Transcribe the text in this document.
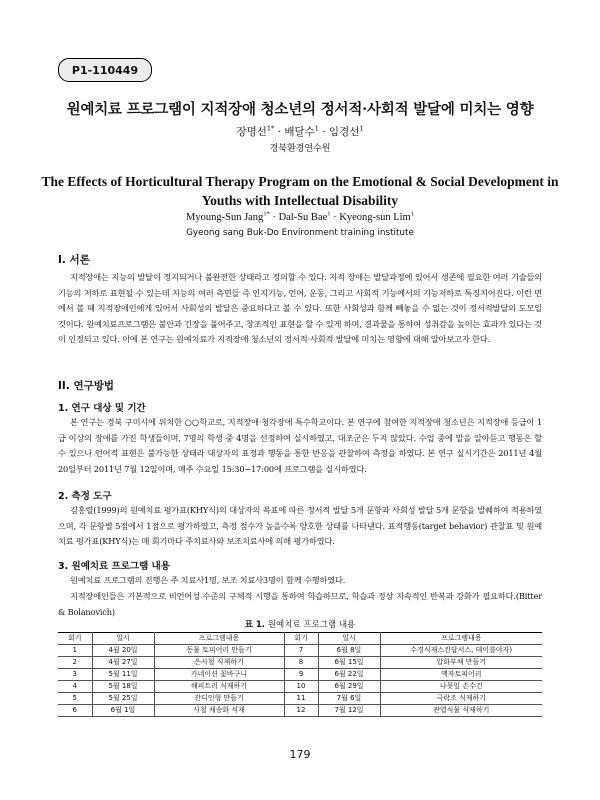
P1-110449
원예치료 프로그램이 지적장애 청소년의 정서적·사회적 발달에 미치는 영향
장명선$^{1*}$ · 배달수$^1$ · 임경선$^1$
경북환경연수원
The Effects of Horticultural Therapy Program on the Emotional & Social Development in
Youths with Intellectual Disability
Myoung-Sun Jang$^{1*}$ · Dal-Su Bae$^1$ · Kyeong-sun Lim$^1$
Gyeong sang Buk-Do Environment training institute
I. 서론
지적장애는 지능의 발달이 정지되거나 불완전한 상태라고 정의할 수 있다. 지적 장애는 발달과정에 있어서 생존에 필요한 여러 기술들의 기능의 저하로 표현될 수 있는데 지능의 여러 측면들 즉 인지기능, 언어, 운동, 그리고 사회적 기능에서의 기능저하로 특징지어진다. 이런 면에서 볼 때 지적장애인에게 있어서 사회성의 발달은 중요하다고 볼 수 있다. 또한 사회성과 함께 빼놓을 수 없는 것이 정서적발달의 도모일 것이다. 원예치료프로그램은 불안과 긴장을 풀어주고, 창조적인 표현을 할 수 있게 하며, 결과물을 통하여 성취감을 높이는 효과가 있다는 것이 인정되고 있다. 이에 본 연구는 원예치료가 지적장애 청소년의 정서적·사회적 발달에 미치는 영향에 대해 알아보고자 한다.
II. 연구방법
1. 연구 대상 및 기간
본 연구는 경북 구미시에 위치한 ○○학교로, 지적장애·청각장애 특수학교이다. 본 연구에 참여한 지적장애 청소년은 지적장애 등급이 1급 이상의 장애를 가진 학생들이며, 7명의 학생 중 4명을 선정하여 실시하였고, 대조군은 두지 않았다. 수업 중에 말을 알아듣고 행동은 할 수 있으나 언어적 표현은 불가능한 상태라 대상자의 표정과 행동을 통한 반응을 관찰하여 측정을 하였다. 본 연구 실시기간은 2011년 4월 20일부터 2011년 7월 12일이며, 매주 수요일 15:30~17:00에 프로그램을 실시하였다.
2. 측정 도구
김홍렬(1999)의 원예치료 평가표(KHY식)의 대상자의 목표에 따른 정서적 발달 5개 문항과 사회성 발달 5개 문항을 발췌하여 적용하였으며, 각 문항별 5점에서 1점으로 평가하였고, 측정 점수가 높을수록 양호한 상태를 나타낸다. 표적행동(target behavior) 관찰표 및 원예치료 평가표(KHY식)는 매 회기마다 주치료사와 보조치료사에 의해 평가하였다.
3. 원예치료 프로그램 내용
원예치료 프로그램의 진행은 주 치료사1명, 보조 치료사3명이 함께 수행하였다.
지적장애인들은 기본적으로 비언어성 수준의 구체적 시행을 통하여 학습하므로, 학습과 정상 지속적인 반복과 강화가 필요하다.(Bitter & Bolanovich)
표 1. 원예치료 프로그램 내용
회기	일시	프로그램내용	회기	일시	프로그램내용
1	4월 20일	동물 토피어리 만들기	7	6월 8일	수경식재스킨답서스, 테이블야자)
2	4월 27일	은사철 식재하기	8	6월 15일	압화부채 만들기
3	5월 11일	카네이션 꽃바구니	9	6월 22일	액자토피어리
4	5월 18일	해피트리 식재하기	10	6월 29일	나뭇잎 손수건
5	5월 25일	잔디인형 만들기	11	7월 6일	극락조 식재하기
6	6월 1일	사철 채송화 식재	12	7월 12일	관엽식물 식재하기
179
